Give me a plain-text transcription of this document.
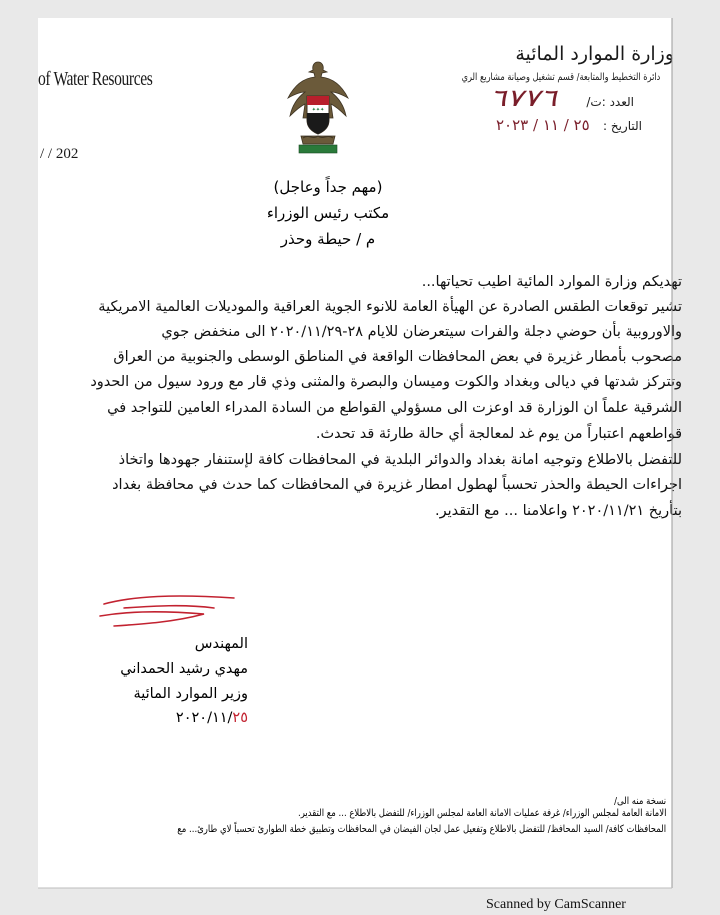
of Water Resources
وزارة الموارد المائية
دائرة التخطيط والمتابعة/ قسم تشغيل وصيانة مشاريع الري
العدد :ت/
٦٧٧٦
التاريخ :
٢٥ / ١١ / ٢٠٢٣
/ / 202
✦✦✦
(مهم جداً وعاجل)
مكتب رئيس الوزراء
م / حيطة وحذر
تهديكم وزارة الموارد المائية اطيب تحياتها...
تشير توقعات الطقس الصادرة عن الهيأة العامة للانوء الجوية العراقية والموديلات العالمية الامريكية
والاوروبية بأن حوضي دجلة والفرات سيتعرضان للايام ٢٨-٢٠٢٠/١١/٢٩ الى منخفض جوي
مصحوب بأمطار غزيرة في بعض المحافظات الواقعة في المناطق الوسطى والجنوبية من العراق
وتتركز شدتها في ديالى وبغداد والكوت وميسان والبصرة والمثنى وذي قار مع ورود سيول من الحدود
الشرقية علماً ان الوزارة قد اوعزت الى مسؤولي القواطع من السادة المدراء العامين للتواجد في
قواطعهم اعتباراً من يوم غد لمعالجة أي حالة طارئة قد تحدث.
للتفضل بالاطلاع وتوجيه امانة بغداد والدوائر البلدية في المحافظات كافة لإستنفار جهودها واتخاذ
اجراءات الحيطة والحذر تحسباً لهطول امطار غزيرة في المحافظات كما حدث في محافظة بغداد
بتأريخ ٢٠٢٠/١١/٢١ واعلامنا ... مع التقدير.
المهندس
مهدي رشيد الحمداني
وزير الموارد المائية
٢٠٢٠/١١/٢٥
نسخة منه الى/
الامانة العامة لمجلس الوزراء/ غرفة عمليات الامانة العامة لمجلس الوزراء/ للتفضل بالاطلاع ... مع التقدير.
المحافظات كافة/ السيد المحافظ/ للتفضل بالاطلاع وتفعيل عمل لجان الفيضان في المحافظات وتطبيق خطة الطوارئ تحسباً لاي طارئ... مع
Scanned by CamScanner
